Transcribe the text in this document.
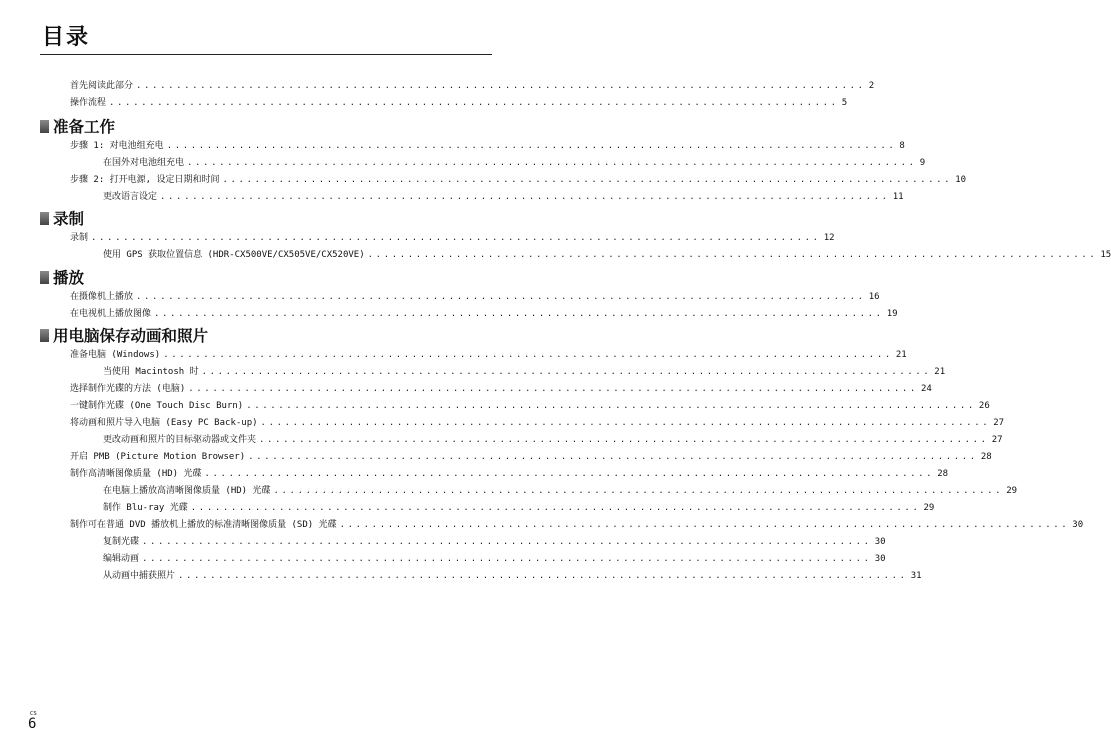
目录
首先阅读此部分 ........................................................................................... 2
操作流程 ........................................................................................... 5
准备工作
步骤 1: 对电池组充电 ........................................................................................... 8
在国外对电池组充电 ........................................................................................... 9
步骤 2: 打开电源, 设定日期和时间 ........................................................................................... 10
更改语言设定 ........................................................................................... 11
录制
录制 ........................................................................................... 12
使用 GPS 获取位置信息 (HDR-CX500VE/CX505VE/CX520VE) ........................................................................................... 15
播放
在摄像机上播放 ........................................................................................... 16
在电视机上播放图像 ........................................................................................... 19
用电脑保存动画和照片
准备电脑 (Windows) ........................................................................................... 21
当使用 Macintosh 时 ........................................................................................... 21
选择制作光碟的方法 (电脑) ........................................................................................... 24
一键制作光碟 (One Touch Disc Burn) ........................................................................................... 26
将动画和照片导入电脑 (Easy PC Back-up) ........................................................................................... 27
更改动画和照片的目标驱动器或文件夹 ........................................................................................... 27
开启 PMB (Picture Motion Browser) ........................................................................................... 28
制作高清晰图像质量 (HD) 光碟 ........................................................................................... 28
在电脑上播放高清晰图像质量 (HD) 光碟 ........................................................................................... 29
制作 Blu-ray 光碟 ........................................................................................... 29
制作可在普通 DVD 播放机上播放的标准清晰图像质量 (SD) 光碟 ........................................................................................... 30
复制光碟 ........................................................................................... 30
编辑动画 ........................................................................................... 30
从动画中捕获照片 ........................................................................................... 31
CS
6
